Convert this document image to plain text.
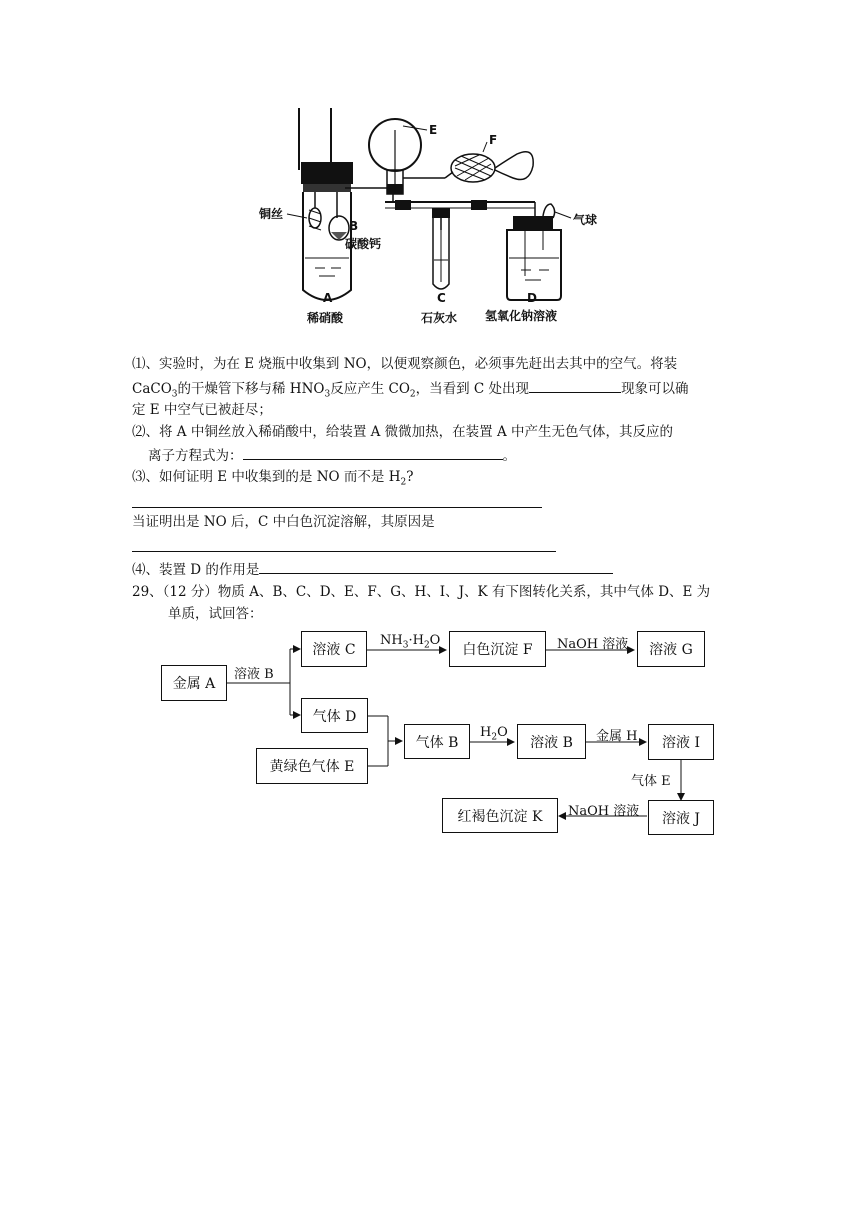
铜丝
B
碳酸钙
E
F
气球
A
稀硝酸
C
石灰水
D
氢氧化钠溶液
⑴、实验时，为在 E 烧瓶中收集到 NO，以便观察颜色，必须事先赶出去其中的空气。将装
CaCO$_3$的干燥管下移与稀 $HNO_3$反应产生 $CO_2$，当看到 C 处出现	现象可以确
定 E 中空气已被赶尽；
⑵、将 A 中铜丝放入稀硝酸中，给装置 A 微微加热，在装置 A 中产生无色气体，其反应的
离子方程式为：	。
⑶、如何证明 E 中收集到的是 NO 而不是 $H_2$?
当证明出是 NO 后，C 中白色沉淀溶解，其原因是
⑷、装置 D 的作用是
29、（12 分）物质 A、B、C、D、E、F、G、H、I、J、K 有下图转化关系，其中气体 D、E 为
单质，试回答：
金属 A
溶液 B
溶液 C
$NH_3\cdot H_2O$
白色沉淀 F	NaOH 溶液	溶液 G
气体 D
黄绿色气体 E
气体 B
$H_2O$
溶液 B	金属 H	溶液 I
气体 E
红褐色沉淀 K	NaOH 溶液	溶液 J
